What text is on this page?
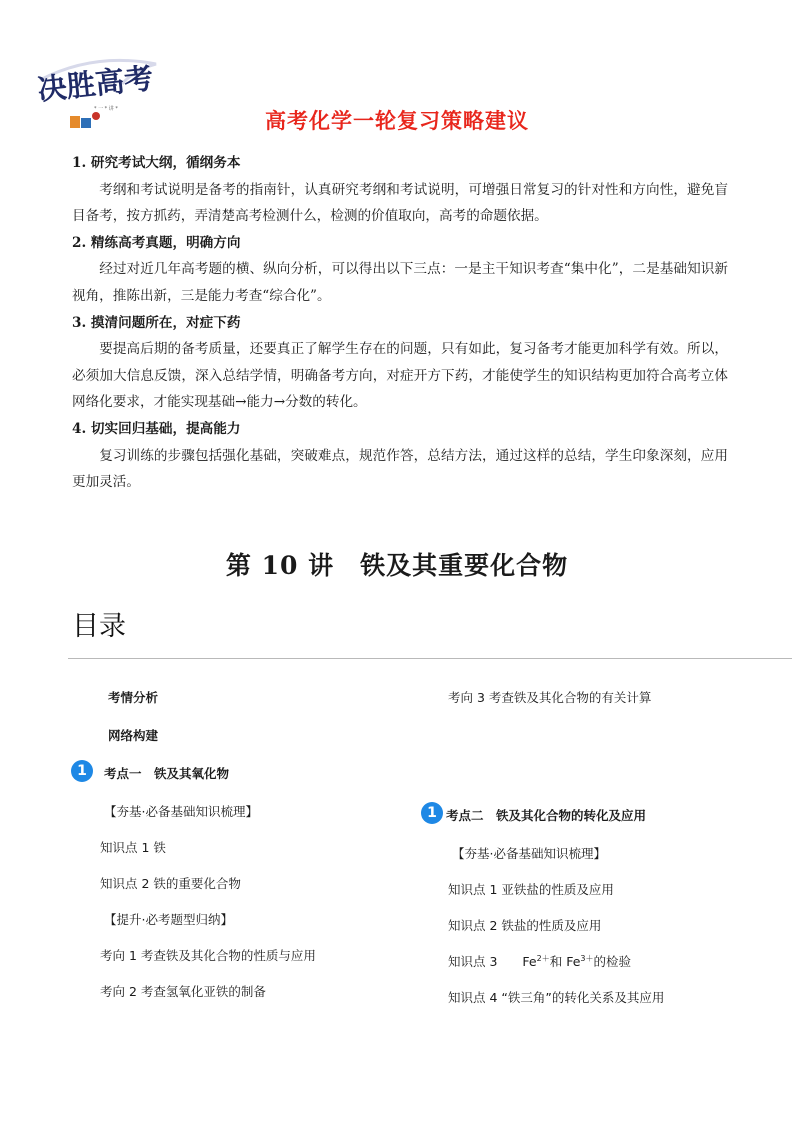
决胜高考
* 一 * 讲 *	高考化学一轮复习策略建议
1. 研究考试大纲，循纲务本

考纲和考试说明是备考的指南针，认真研究考纲和考试说明，可增强日常复习的针对性和方向性，避免盲目备考，按方抓药，弄清楚高考检测什么，检测的价值取向，高考的命题依据。

2. 精练高考真题，明确方向

经过对近几年高考题的横、纵向分析，可以得出以下三点：一是主干知识考查“集中化”，二是基础知识新视角，推陈出新，三是能力考查“综合化”。

3. 摸清问题所在，对症下药

要提高后期的备考质量，还要真正了解学生存在的问题，只有如此，复习备考才能更加科学有效。所以，必须加大信息反馈，深入总结学情，明确备考方向，对症开方下药，才能使学生的知识结构更加符合高考立体网络化要求，才能实现基础→能力→分数的转化。

4. 切实回归基础，提高能力

复习训练的步骤包括强化基础，突破难点，规范作答，总结方法，通过这样的总结，学生印象深刻，应用更加灵活。

第 10 讲　铁及其重要化合物
目录
考情分析
网络构建
1	考点一　铁及其氧化物
【夯基·必备基础知识梳理】
知识点 1 铁
知识点 2 铁的重要化合物
【提升·必考题型归纳】
考向 1 考查铁及其化合物的性质与应用
考向 2 考查氢氧化亚铁的制备
考向 3 考查铁及其化合物的有关计算
1 考点二　铁及其化合物的转化及应用
【夯基·必备基础知识梳理】
知识点 1 亚铁盐的性质及应用
知识点 2 铁盐的性质及应用
知识点 3　　$Fe^{2+}$和 $Fe^{3+}$的检验
知识点 4 “铁三角”的转化关系及其应用
